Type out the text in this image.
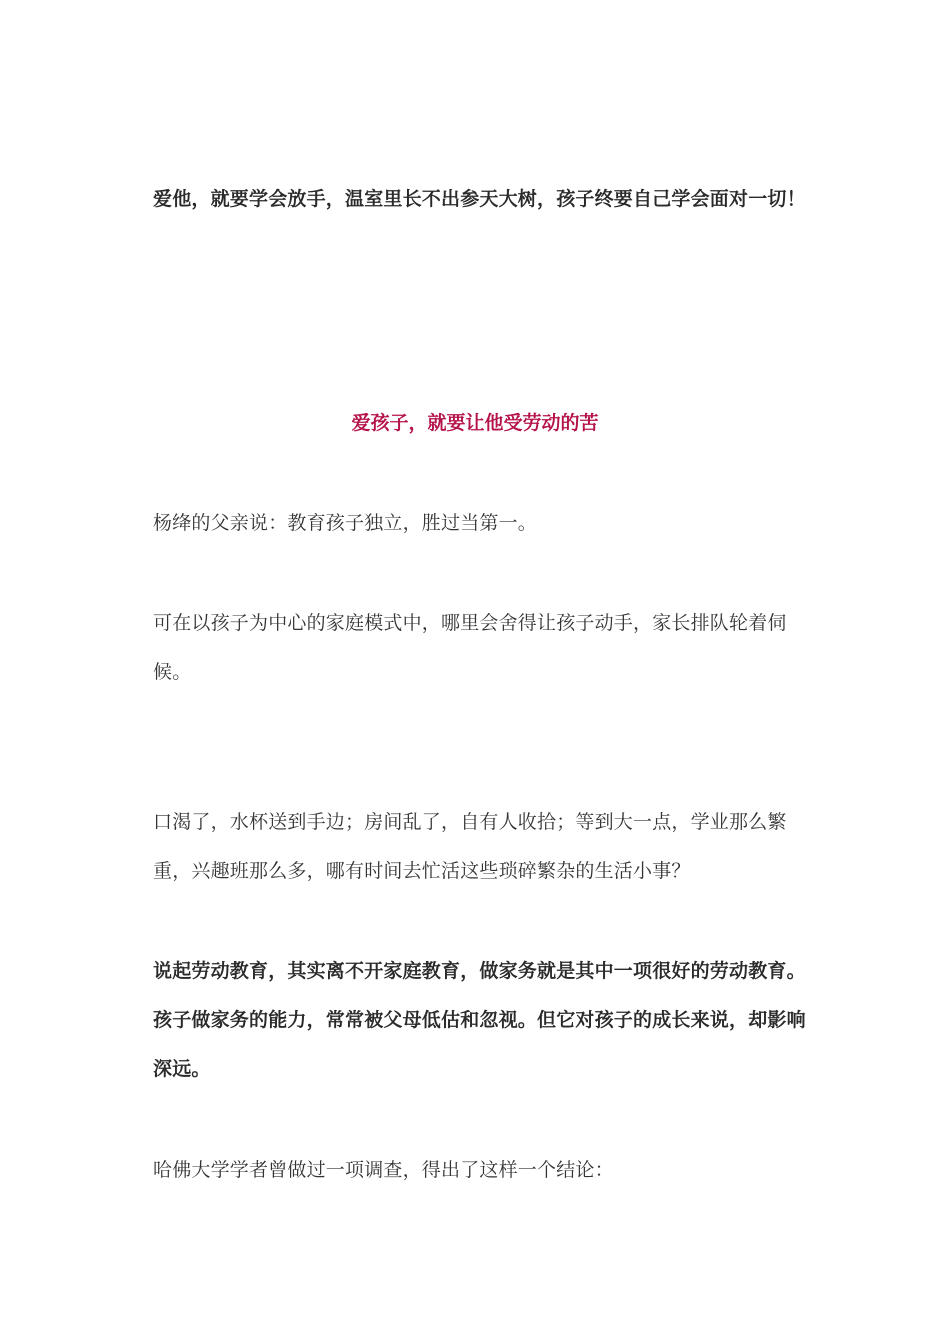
爱他，就要学会放手，温室里长不出参天大树，孩子终要自己学会面对一切！

爱孩子，就要让他受劳动的苦

杨绛的父亲说：教育孩子独立，胜过当第一。

可在以孩子为中心的家庭模式中，哪里会舍得让孩子动手，家长排队轮着伺候。

口渴了，水杯送到手边；房间乱了，自有人收拾；等到大一点，学业那么繁重，兴趣班那么多，哪有时间去忙活这些琐碎繁杂的生活小事？

说起劳动教育，其实离不开家庭教育，做家务就是其中一项很好的劳动教育。孩子做家务的能力，常常被父母低估和忽视。但它对孩子的成长来说，却影响深远。

哈佛大学学者曾做过一项调查，得出了这样一个结论：
